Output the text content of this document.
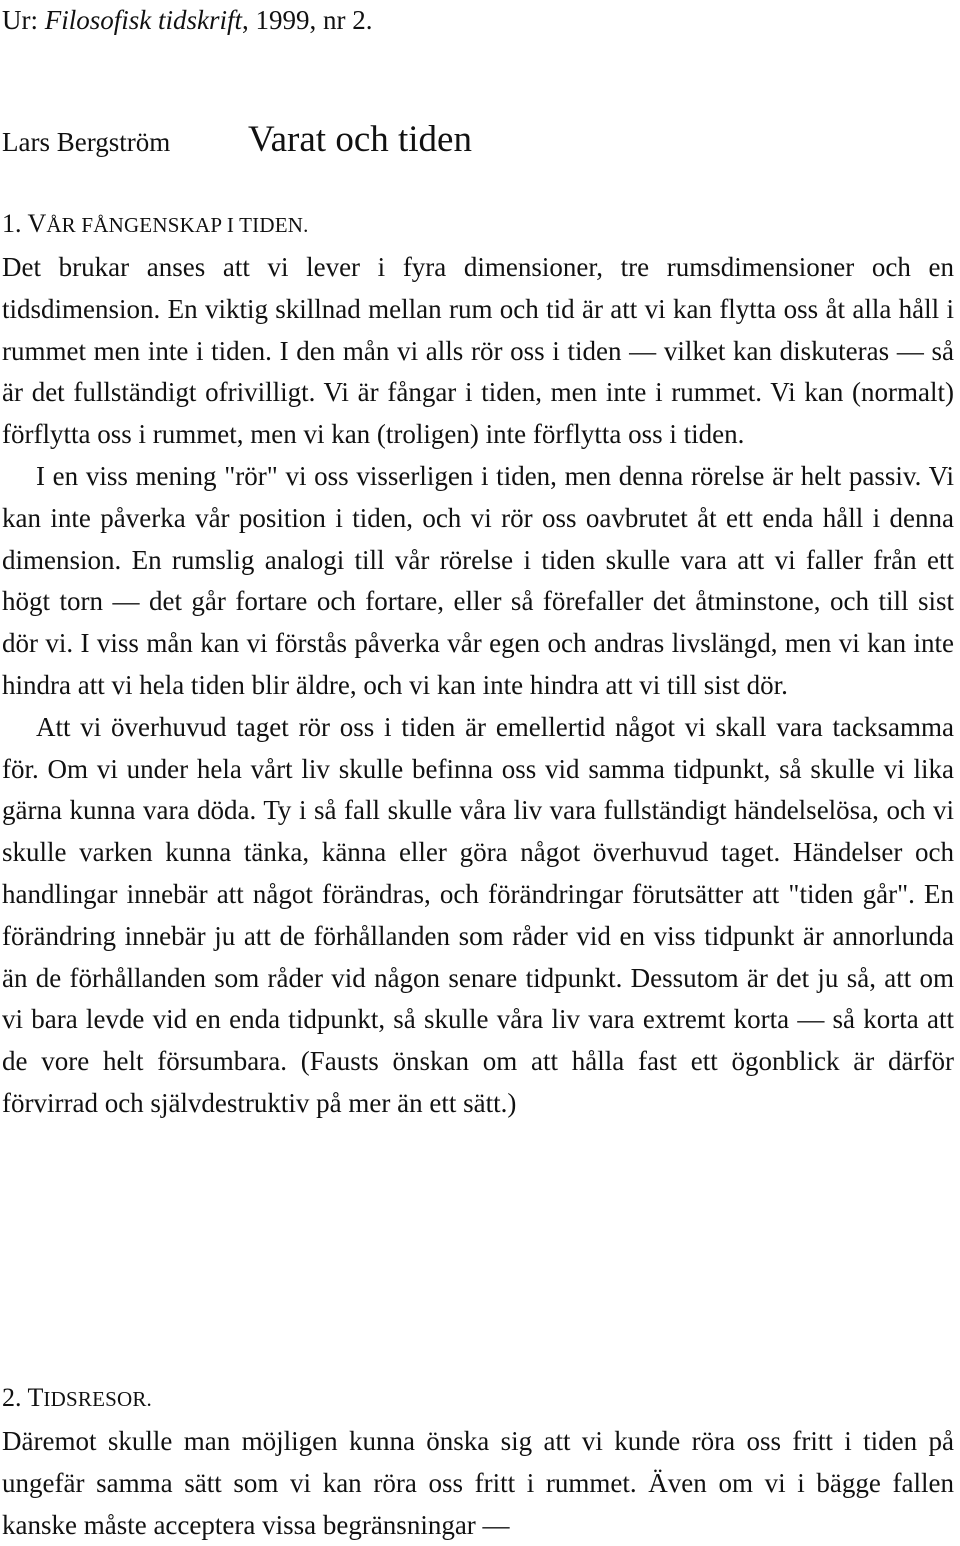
Ur: Filosofisk tidskrift, 1999, nr 2.
Lars Bergström Varat och tiden
1. VÅR FÅNGENSKAP I TIDEN.

Det brukar anses att vi lever i fyra dimensioner, tre rumsdimensioner och en tidsdimension. En viktig skillnad mellan rum och tid är att vi kan flytta oss åt alla håll i rummet men inte i tiden. I den mån vi alls rör oss i tiden — vilket kan diskuteras — så är det fullständigt ofrivilligt. Vi är fångar i tiden, men inte i rummet. Vi kan (normalt) förflytta oss i rummet, men vi kan (troligen) inte förflytta oss i tiden.

I en viss mening "rör" vi oss visserligen i tiden, men denna rörelse är helt passiv. Vi kan inte påverka vår position i tiden, och vi rör oss oavbrutet åt ett enda håll i denna dimension. En rumslig analogi till vår rörelse i tiden skulle vara att vi faller från ett högt torn — det går fortare och fortare, eller så förefaller det åtminstone, och till sist dör vi. I viss mån kan vi förstås påverka vår egen och andras livslängd, men vi kan inte hindra att vi hela tiden blir äldre, och vi kan inte hindra att vi till sist dör.

Att vi överhuvud taget rör oss i tiden är emellertid något vi skall vara tacksamma för. Om vi under hela vårt liv skulle befinna oss vid samma tidpunkt, så skulle vi lika gärna kunna vara döda. Ty i så fall skulle våra liv vara fullständigt händelselösa, och vi skulle varken kunna tänka, känna eller göra något överhuvud taget. Händelser och handlingar innebär att något förändras, och förändringar förutsätter att "tiden går". En förändring innebär ju att de förhållanden som råder vid en viss tidpunkt är annorlunda än de förhållanden som råder vid någon senare tidpunkt. Dessutom är det ju så, att om vi bara levde vid en enda tidpunkt, så skulle våra liv vara extremt korta — så korta att de vore helt försumbara. (Fausts önskan om att hålla fast ett ögonblick är därför förvirrad och självdestruktiv på mer än ett sätt.)

2. TIDSRESOR.

Däremot skulle man möjligen kunna önska sig att vi kunde röra oss fritt i tiden på ungefär samma sätt som vi kan röra oss fritt i rummet. Även om vi i bägge fallen kanske måste acceptera vissa begränsningar —
